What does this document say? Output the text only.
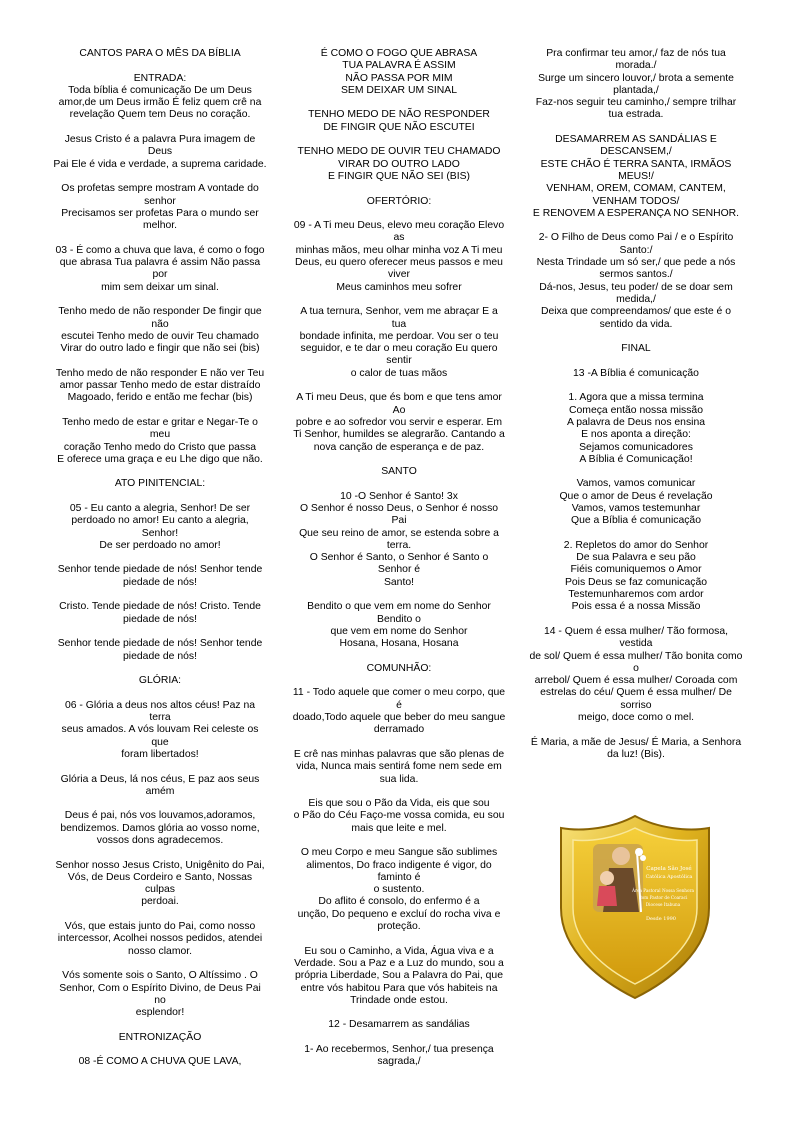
CANTOS PARA O MÊS DA BÍBLIA

ENTRADA:
Toda bíblia é comunicação De um Deus
amor,de um Deus irmão É feliz quem crê na
revelação Quem tem Deus no coração.

Jesus Cristo é a palavra Pura imagem de
Deus
Pai Ele é vida e verdade, a suprema caridade.

Os profetas sempre mostram A vontade do
senhor
Precisamos ser profetas Para o mundo ser
melhor.

03 - É como a chuva que lava, é como o fogo
que abrasa Tua palavra é assim Não passa
por
mim sem deixar um sinal.

Tenho medo de não responder De fingir que
não
escutei Tenho medo de ouvir Teu chamado
Virar do outro lado e fingir que não sei (bis)

Tenho medo de não responder E não ver Teu
amor passar Tenho medo de estar distraído
Magoado, ferido e então me fechar (bis)

Tenho medo de estar e gritar e Negar-Te o
meu
coração Tenho medo do Cristo que passa
E oferece uma graça e eu Lhe digo que não.

ATO PINITENCIAL:

05 - Eu canto a alegria, Senhor! De ser
perdoado no amor! Eu canto a alegria,
Senhor!
De ser perdoado no amor!

Senhor tende piedade de nós! Senhor tende
piedade de nós!

Cristo. Tende piedade de nós! Cristo. Tende
piedade de nós!

Senhor tende piedade de nós! Senhor tende
piedade de nós!

GLÓRIA:

06 - Glória a deus nos altos céus! Paz na
terra
seus amados. A vós louvam Rei celeste os
que
foram libertados!

Glória a Deus, lá nos céus, E paz aos seus
amém

Deus é pai, nós vos louvamos,adoramos,
bendizemos. Damos glória ao vosso nome,
vossos dons agradecemos.

Senhor nosso Jesus Cristo, Unigênito do Pai,
Vós, de Deus Cordeiro e Santo, Nossas
culpas
perdoai.

Vós, que estais junto do Pai, como nosso
intercessor, Acolhei nossos pedidos, atendei
nosso clamor.

Vós somente sois o Santo, O Altíssimo . O
Senhor, Com o Espírito Divino, de Deus Pai
no
esplendor!

ENTRONIZAÇÃO

08 -É COMO A CHUVA QUE LAVA,

É COMO O FOGO QUE ABRASA
TUA PALAVRA É ASSIM
NÃO PASSA POR MIM
SEM DEIXAR UM SINAL

TENHO MEDO DE NÃO RESPONDER
DE FINGIR QUE NÃO ESCUTEI

TENHO MEDO DE OUVIR TEU CHAMADO
VIRAR DO OUTRO LADO
E FINGIR QUE NÃO SEI (BIS)

OFERTÓRIO:

09 - A Ti meu Deus, elevo meu coração Elevo
as
minhas mãos, meu olhar minha voz A Ti meu
Deus, eu quero oferecer meus passos e meu
viver
Meus caminhos meu sofrer

A tua ternura, Senhor, vem me abraçar E a
tua
bondade infinita, me perdoar. Vou ser o teu
seguidor, e te dar o meu coração Eu quero
sentir
o calor de tuas mãos

A Ti meu Deus, que és bom e que tens amor
Ao
pobre e ao sofredor vou servir e esperar. Em
Ti Senhor, humildes se alegrarão. Cantando a
nova canção de esperança e de paz.

SANTO

10 -O Senhor é Santo! 3x
O Senhor é nosso Deus, o Senhor é nosso
Pai
Que seu reino de amor, se estenda sobre a
terra.
O Senhor é Santo, o Senhor é Santo o
Senhor é
Santo!

Bendito o que vem em nome do Senhor
Bendito o
que vem em nome do Senhor
Hosana, Hosana, Hosana

COMUNHÃO:

11 - Todo aquele que comer o meu corpo, que
é
doado,Todo aquele que beber do meu sangue
derramado

E crê nas minhas palavras que são plenas de
vida, Nunca mais sentirá fome nem sede em
sua lida.

Eis que sou o Pão da Vida, eis que sou
o Pão do Céu Faço-me vossa comida, eu sou
mais que leite e mel.

O meu Corpo e meu Sangue são sublimes
alimentos, Do fraco indigente é vigor, do
faminto é
o sustento.
Do aflito é consolo, do enfermo é a
unção, Do pequeno e excluí do rocha viva e
proteção.

Eu sou o Caminho, a Vida, Água viva e a
Verdade. Sou a Paz e a Luz do mundo, sou a
própria Liberdade, Sou a Palavra do Pai, que
entre vós habitou Para que vós habiteis na
Trindade onde estou.

12 - Desamarrem as sandálias

1- Ao recebermos, Senhor,/ tua presença
sagrada,/

Pra confirmar teu amor,/ faz de nós tua
morada./
Surge um sincero louvor,/ brota a semente
plantada,/
Faz-nos seguir teu caminho,/ sempre trilhar
tua estrada.

DESAMARREM AS SANDÁLIAS E
DESCANSEM,/
ESTE CHÃO É TERRA SANTA, IRMÃOS
MEUS!/
VENHAM, OREM, COMAM, CANTEM,
VENHAM TODOS/
E RENOVEM A ESPERANÇA NO SENHOR.

2- O Filho de Deus como Pai / e o Espírito
Santo:/
Nesta Trindade um só ser,/ que pede a nós
sermos santos./
Dá-nos, Jesus, teu poder/ de se doar sem
medida,/
Deixa que compreendamos/ que este é o
sentido da vida.

FINAL

13 -A Bíblia é comunicação

1. Agora que a missa termina
Começa então nossa missão
A palavra de Deus nos ensina
E nos aponta a direção:
Sejamos comunicadores
A Bíblia é Comunicação!

Vamos, vamos comunicar
Que o amor de Deus é revelação
Vamos, vamos testemunhar
Que a Bíblia é comunicação

2. Repletos do amor do Senhor
De sua Palavra e seu pão
Fiéis comuniquemos o Amor
Pois Deus se faz comunicação
Testemunharemos com ardor
Pois essa é a nossa Missão

14 - Quem é essa mulher/ Tão formosa,
vestida
de sol/ Quem é essa mulher/ Tão bonita como
o
arrebol/ Quem é essa mulher/ Coroada com
estrelas do céu/ Quem é essa mulher/ De
sorriso
meigo, doce como o mel.

É Maria, a mãe de Jesus/ É Maria, a Senhora
da luz! (Bis).

Capela São José
Católica Apostólica
Área Pastoral Nossa Senhora
Bom Pastor de Coaraci
Diocese Itabuna
Desde 1990
